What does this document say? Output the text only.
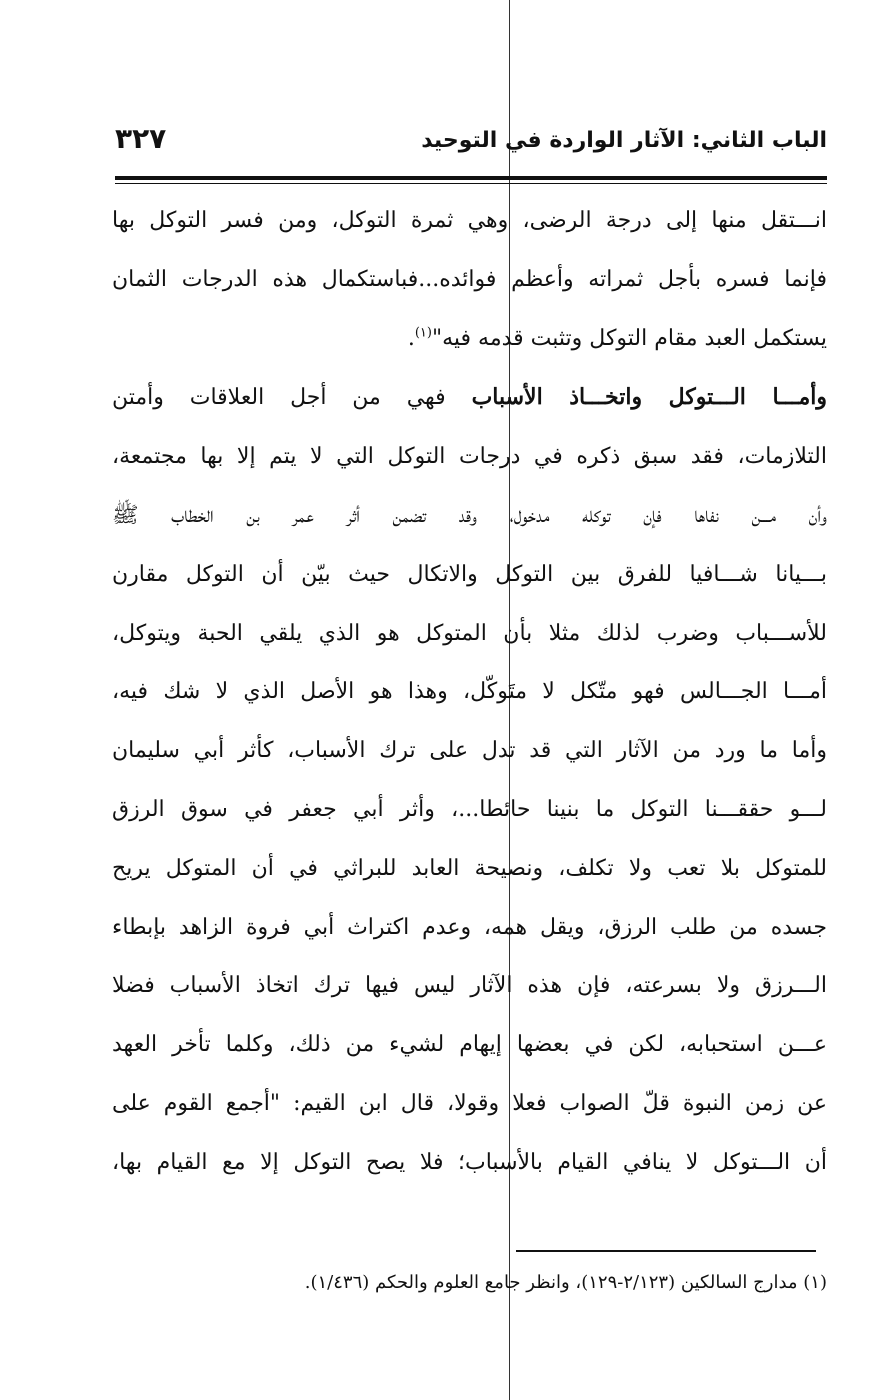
الباب الثاني: الآثار الواردة في التوحيد
٣٢٧
انـــتقل منها إلى درجة الرضى، وهي ثمرة التوكل، ومن فسر التوكل بها
فإنما فسره بأجل ثمراته وأعظم فوائده...فباستكمال هذه الدرجات الثمان
يستكمل العبد مقام التوكل وتثبت قدمه فيه"$^{(١)}$.
وأمـــا الـــتوكل واتخـــاذ الأسباب فهي من أجل العلاقات وأمتن
التلازمات، فقد سبق ذكره في درجات التوكل التي لا يتم إلا بها مجتمعة،
وأن مـــن نفاها فإن توكله مدخول، وقد تضمن أثر عمر بن الخطاب ﷺ
بـــيانا شـــافيا للفرق بين التوكل والاتكال حيث بيّن أن التوكل مقارن
للأســـباب وضرب لذلك مثلا بأن المتوكل هو الذي يلقي الحبة ويتوكل،
أمـــا الجـــالس فهو متّكل لا متَوكّل، وهذا هو الأصل الذي لا شك فيه،
وأما ما ورد من الآثار التي قد تدل على ترك الأسباب، كأثر أبي سليمان
لـــو حققـــنا التوكل ما بنينا حائطا...، وأثر أبي جعفر في سوق الرزق
للمتوكل بلا تعب ولا تكلف، ونصيحة العابد للبراثي في أن المتوكل يريح
جسده من طلب الرزق، ويقل همه، وعدم اكتراث أبي فروة الزاهد بإبطاء
الـــرزق ولا بسرعته، فإن هذه الآثار ليس فيها ترك اتخاذ الأسباب فضلا
عـــن استحبابه، لكن في بعضها إيهام لشيء من ذلك، وكلما تأخر العهد
عن زمن النبوة قلّ الصواب فعلا وقولا، قال ابن القيم: "أجمع القوم على
أن الـــتوكل لا ينافي القيام بالأسباب؛ فلا يصح التوكل إلا مع القيام بها،
(١) مدارج السالكين (٢/١٢٣-١٢٩)، وانظر جامع العلوم والحكم (١/٤٣٦).
